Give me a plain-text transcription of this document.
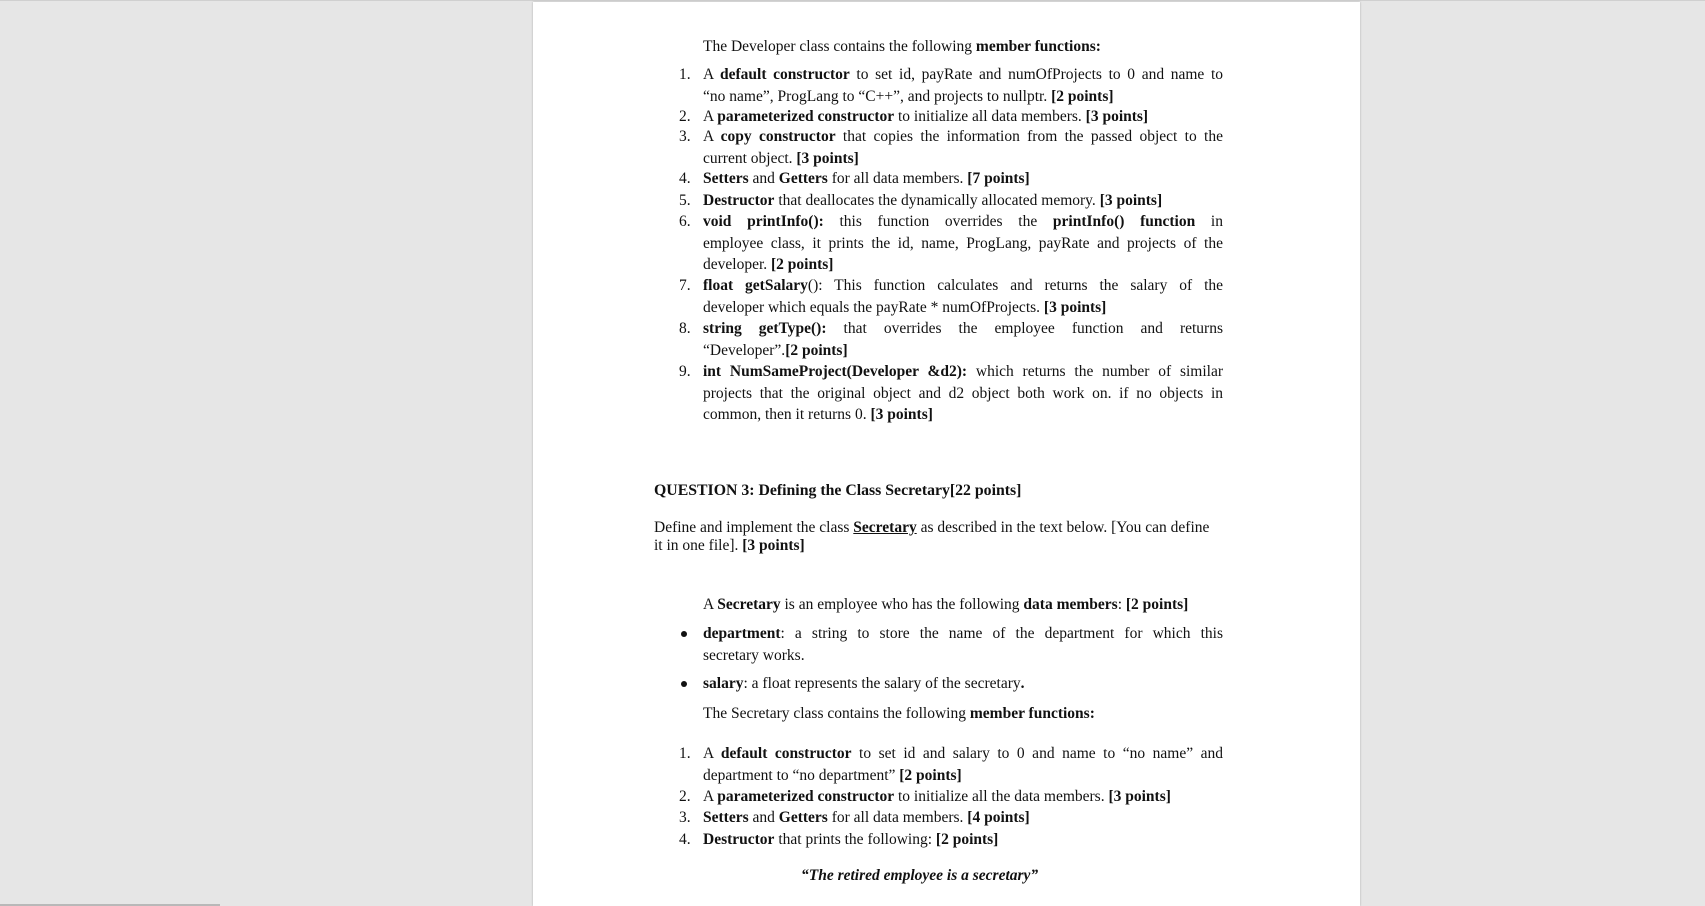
The Developer class contains the following member functions:
1. A default constructor to set id, payRate and numOfProjects to 0 and name to
“no name”, ProgLang to “C++”, and projects to nullptr. [2 points]
2. A parameterized constructor to initialize all data members. [3 points]
3. A copy constructor that copies the information from the passed object to the
current object. [3 points]
4. Setters and Getters for all data members. [7 points]
5. Destructor that deallocates the dynamically allocated memory. [3 points]
6. void printInfo(): this function overrides the printInfo() function in
employee class, it prints the id, name, ProgLang, payRate and projects of the
developer. [2 points]
7. float getSalary(): This function calculates and returns the salary of the
developer which equals the payRate * numOfProjects. [3 points]
8. string getType(): that overrides the employee function and returns
“Developer”.[2 points]
9. int NumSameProject(Developer &d2): which returns the number of similar
projects that the original object and d2 object both work on. if no objects in
common, then it returns 0. [3 points]
QUESTION 3: Defining the Class Secretary[22 points]
Define and implement the class Secretary as described in the text below. [You can define
it in one file]. [3 points]
A Secretary is an employee who has the following data members: [2 points]
department: a string to store the name of the department for which this
secretary works.
salary: a float represents the salary of the secretary.
The Secretary class contains the following member functions:
1. A default constructor to set id and salary to 0 and name to “no name” and
department to “no department” [2 points]
2. A parameterized constructor to initialize all the data members. [3 points]
3. Setters and Getters for all data members. [4 points]
4. Destructor that prints the following: [2 points]
“The retired employee is a secretary”
